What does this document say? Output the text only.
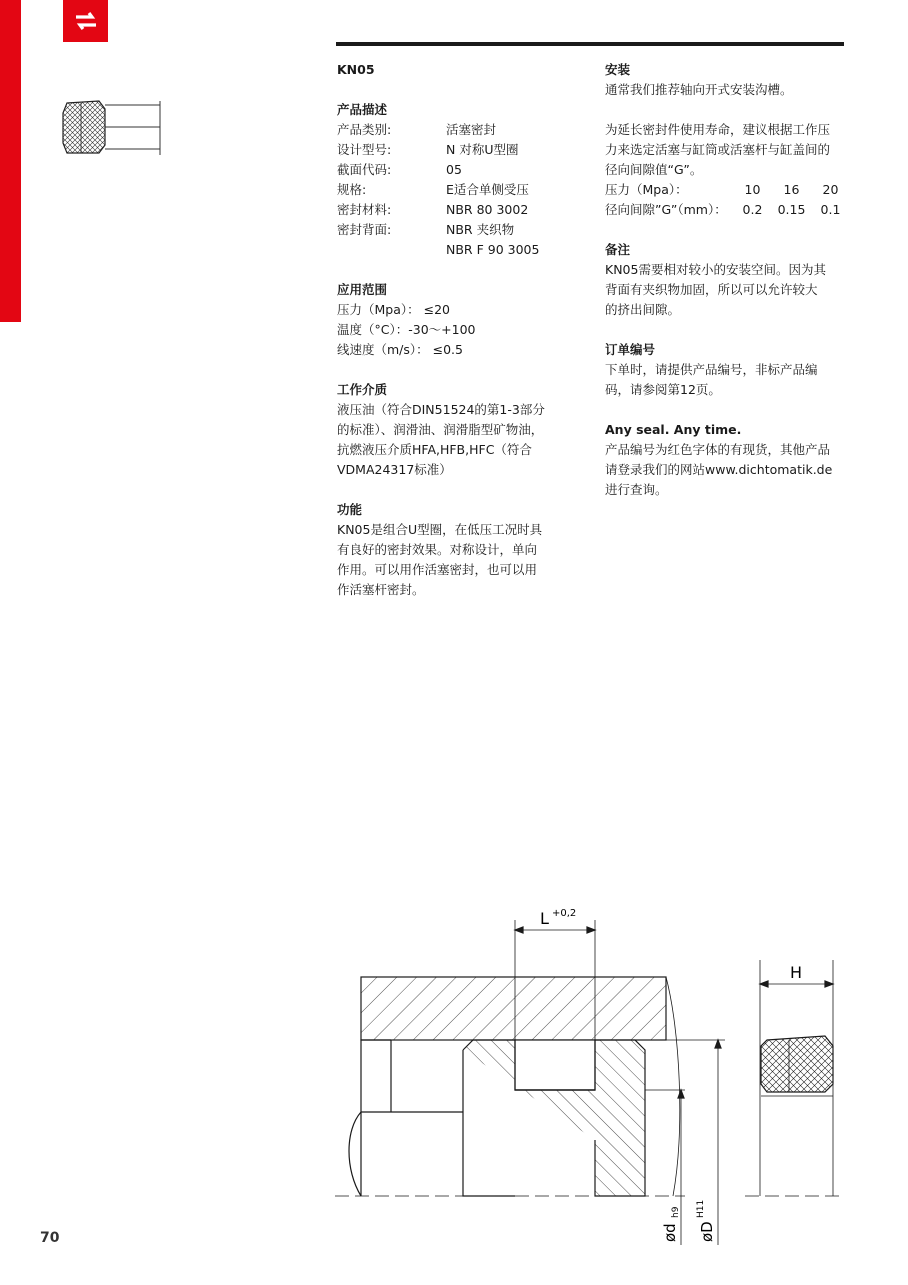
KN05

产品描述

产品类别:	活塞密封
设计型号:	N 对称U型圈
截面代码:	05
规格:	E适合单侧受压
密封材料:	NBR 80 3002
密封背面:	NBR 夹织物
NBR F 90 3005

应用范围

压力（Mpa）： ≤20

温度（°C）：-30～+100

线速度（m/s）： ≤0.5

工作介质

液压油（符合DIN51524的第1-3部分

的标准）、润滑油、润滑脂型矿物油，

抗燃液压介质HFA,HFB,HFC（符合

VDMA24317标准）

功能

KN05是组合U型圈，在低压工况时具

有良好的密封效果。对称设计，单向

作用。可以用作活塞密封，也可以用

作活塞杆密封。

安装

通常我们推荐轴向开式安装沟槽。

为延长密封件使用寿命，建议根据工作压

力来选定活塞与缸筒或活塞杆与缸盖间的

径向间隙值“G”。

压力（Mpa）：	10	16	20
径向间隙”G”（mm）：	0.2	0.15	0.1

备注

KN05需要相对较小的安装空间。因为其

背面有夹织物加固，所以可以允许较大

的挤出间隙。

订单编号

下单时，请提供产品编号，非标产品编

码，请参阅第12页。

Any seal. Any time.

产品编号为红色字体的有现货，其他产品

请登录我们的网站www.dichtomatik.de

进行查询。

L +0,2
H
ød
h9
øD
H11
70
